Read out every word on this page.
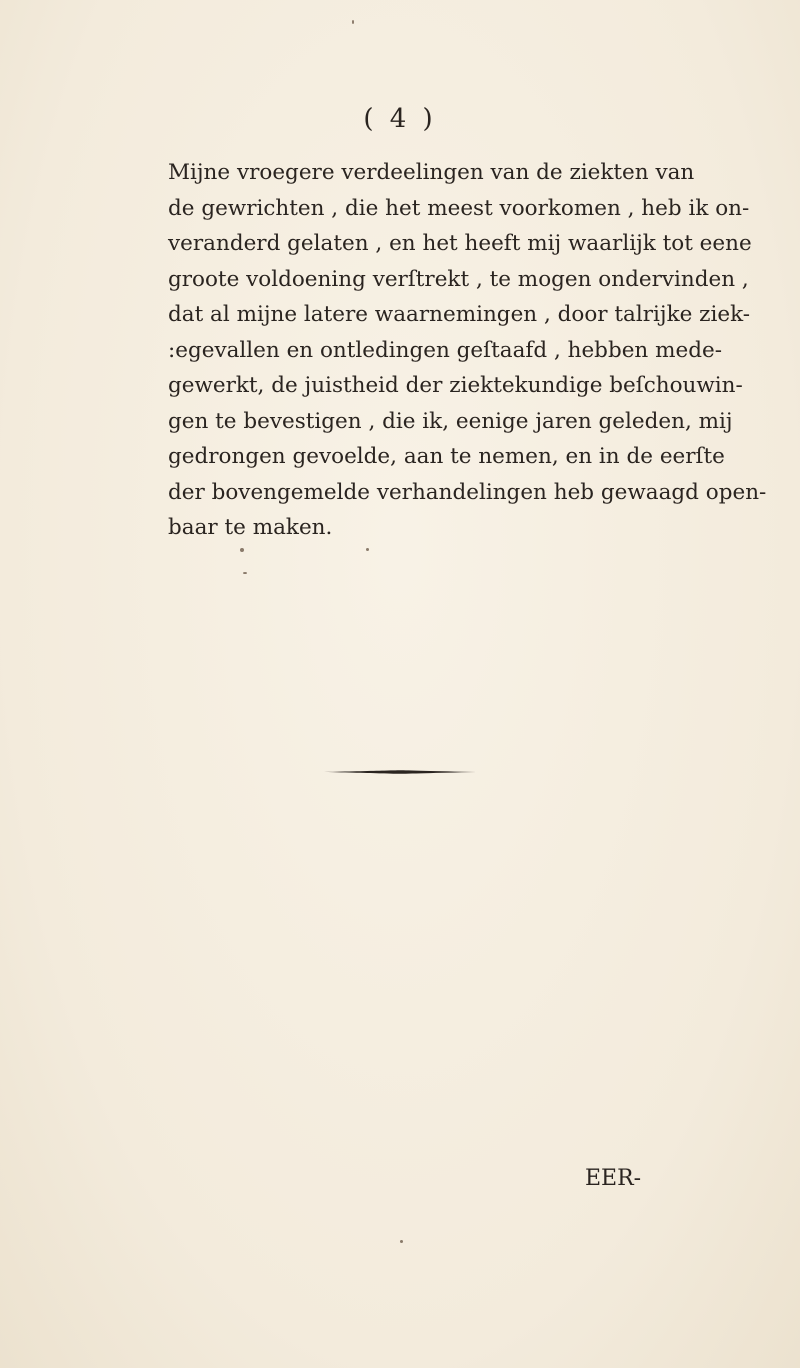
( 4 )
Mijne vroegere verdeelingen van de ziekten van
de gewrichten , die het meest voorkomen , heb ik on-
veranderd gelaten , en het heeft mij waarlijk tot eene
groote voldoening verſtrekt , te mogen ondervinden ,
dat al mijne latere waarnemingen , door talrijke ziek-
:egevallen en ontledingen geſtaafd , hebben mede-
gewerkt, de juistheid der ziektekundige beſchouwin-
gen te bevestigen , die ik, eenige jaren geleden, mij
gedrongen gevoelde, aan te nemen, en in de eerſte
der bovengemelde verhandelingen heb gewaagd open-
baar te maken.
EER-
